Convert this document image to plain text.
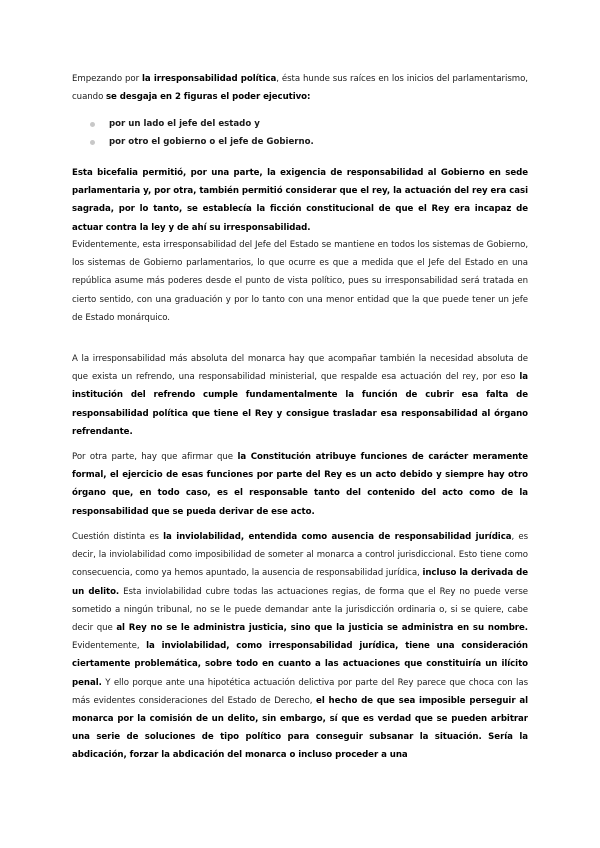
Empezando por la irresponsabilidad política, ésta hunde sus raíces en los inicios del parlamentarismo, cuando se desgaja en 2 figuras el poder ejecutivo:

por un lado el jefe del estado y
por otro el gobierno o el jefe de Gobierno.

Esta bicefalia permitió, por una parte, la exigencia de responsabilidad al Gobierno en sede parlamentaria y, por otra, también permitió considerar que el rey, la actuación del rey era casi sagrada, por lo tanto, se establecía la ficción constitucional de que el Rey era incapaz de actuar contra la ley y de ahí su irresponsabilidad.

Evidentemente, esta irresponsabilidad del Jefe del Estado se mantiene en todos los sistemas de Gobierno, los sistemas de Gobierno parlamentarios, lo que ocurre es que a medida que el Jefe del Estado en una república asume más poderes desde el punto de vista político, pues su irresponsabilidad será tratada en cierto sentido, con una graduación y por lo tanto con una menor entidad que la que puede tener un jefe de Estado monárquico.

A la irresponsabilidad más absoluta del monarca hay que acompañar también la necesidad absoluta de que exista un refrendo, una responsabilidad ministerial, que respalde esa actuación del rey, por eso la institución del refrendo cumple fundamentalmente la función de cubrir esa falta de responsabilidad política que tiene el Rey y consigue trasladar esa responsabilidad al órgano refrendante.

Por otra parte, hay que afirmar que la Constitución atribuye funciones de carácter meramente formal, el ejercicio de esas funciones por parte del Rey es un acto debido y siempre hay otro órgano que, en todo caso, es el responsable tanto del contenido del acto como de la responsabilidad que se pueda derivar de ese acto.

Cuestión distinta es la inviolabilidad, entendida como ausencia de responsabilidad jurídica, es decir, la inviolabilidad como imposibilidad de someter al monarca a control jurisdiccional. Esto tiene como consecuencia, como ya hemos apuntado, la ausencia de responsabilidad jurídica, incluso la derivada de un delito. Esta inviolabilidad cubre todas las actuaciones regias, de forma que el Rey no puede verse sometido a ningún tribunal, no se le puede demandar ante la jurisdicción ordinaria o, si se quiere, cabe decir que al Rey no se le administra justicia, sino que la justicia se administra en su nombre. Evidentemente, la inviolabilidad, como irresponsabilidad jurídica, tiene una consideración ciertamente problemática, sobre todo en cuanto a las actuaciones que constituiría un ilícito penal. Y ello porque ante una hipotética actuación delictiva por parte del Rey parece que choca con las más evidentes consideraciones del Estado de Derecho, el hecho de que sea imposible perseguir al monarca por la comisión de un delito, sin embargo, sí que es verdad que se pueden arbitrar una serie de soluciones de tipo político para conseguir subsanar la situación. Sería la abdicación, forzar la abdicación del monarca o incluso proceder a una
